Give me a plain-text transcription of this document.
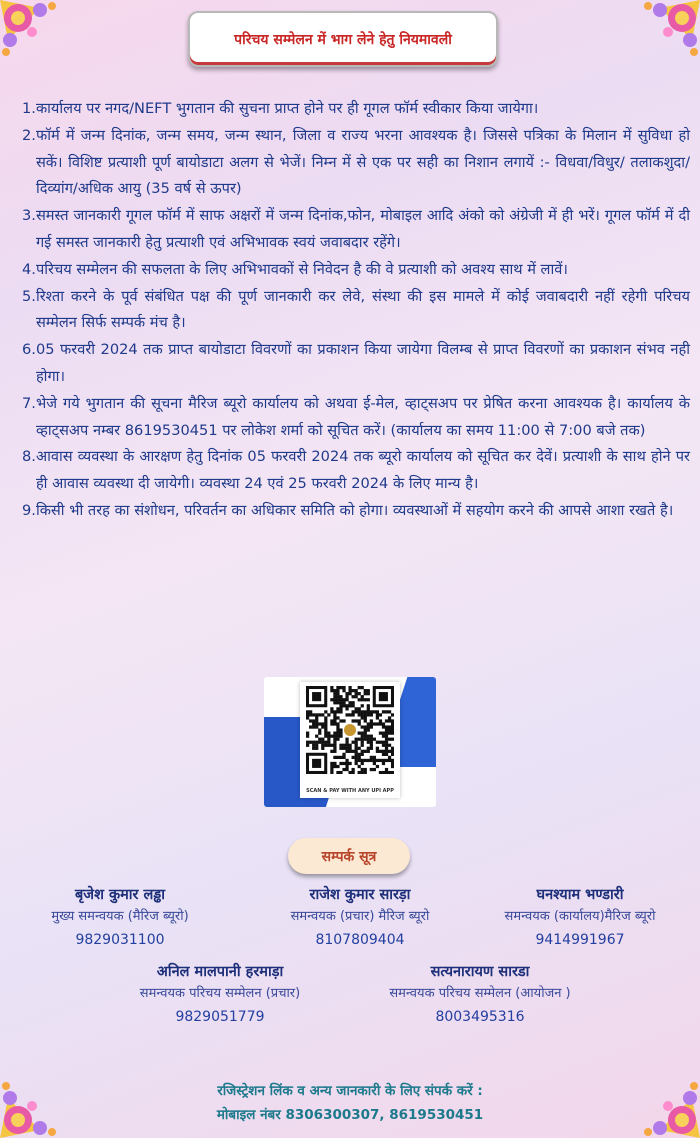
परिचय सम्मेलन में भाग लेने हेतु नियमावली
1. कार्यालय पर नगद/NEFT भुगतान की सुचना प्राप्त होने पर ही गूगल फॉर्म स्वीकार किया जायेगा।
2. फॉर्म में जन्म दिनांक, जन्म समय, जन्म स्थान, जिला व राज्य भरना आवश्यक है। जिससे पत्रिका के मिलान में सुविधा हो सकें। विशिष्ट प्रत्याशी पूर्ण बायोडाटा अलग से भेजें। निम्न में से एक पर सही का निशान लगायें :- विधवा/विधुर/ तलाकशुदा/दिव्यांग/अधिक आयु (35 वर्ष से ऊपर)
3. समस्त जानकारी गूगल फॉर्म में साफ अक्षरों में जन्म दिनांक,फोन, मोबाइल आदि अंको को अंग्रेजी में ही भरें। गूगल फॉर्म में दी गई समस्त जानकारी हेतु प्रत्याशी एवं अभिभावक स्वयं जवाबदार रहेंगे।
4. परिचय सम्मेलन की सफलता के लिए अभिभावकों से निवेदन है की वे प्रत्याशी को अवश्य साथ में लावें।
5. रिश्ता करने के पूर्व संबंधित पक्ष की पूर्ण जानकारी कर लेवे, संस्था की इस मामले में कोई जवाबदारी नहीं रहेगी परिचय सम्मेलन सिर्फ सम्पर्क मंच है।
6. 05 फरवरी 2024 तक प्राप्त बायोडाटा विवरणों का प्रकाशन किया जायेगा विलम्ब से प्राप्त विवरणों का प्रकाशन संभव नही होगा।
7. भेजे गये भुगतान की सूचना मैरिज ब्यूरो कार्यालय को अथवा ई-मेल, व्हाट्सअप पर प्रेषित करना आवश्यक है। कार्यालय के व्हाट्सअप नम्बर 8619530451 पर लोकेश शर्मा को सूचित करें। (कार्यालय का समय 11:00 से 7:00 बजे तक)
8. आवास व्यवस्था के आरक्षण हेतु दिनांक 05 फरवरी 2024 तक ब्यूरो कार्यालय को सूचित कर देवें। प्रत्याशी के साथ होने पर ही आवास व्यवस्था दी जायेगी। व्यवस्था 24 एवं 25 फरवरी 2024 के लिए मान्य है।
9. किसी भी तरह का संशोधन, परिवर्तन का अधिकार समिति को होगा। व्यवस्थाओं में सहयोग करने की आपसे आशा रखते है।
SCAN & PAY WITH ANY UPI APP
सम्पर्क सूत्र
बृजेश कुमार लड्ढा
मुख्य समन्वयक (मैरिज ब्यूरो)
9829031100
राजेश कुमार सारड़ा
समन्वयक (प्रचार) मैरिज ब्यूरो
8107809404
घनश्याम भण्डारी
समन्वयक (कार्यालय)मैरिज ब्यूरो
9414991967
अनिल मालपानी हरमाड़ा
समन्वयक परिचय सम्मेलन (प्रचार)
9829051779
सत्यनारायण सारडा
समन्वयक परिचय सम्मेलन (आयोजन )
8003495316
रजिस्ट्रेशन लिंक व अन्य जानकारी के लिए संपर्क करें :
मोबाइल नंबर 8306300307, 8619530451
